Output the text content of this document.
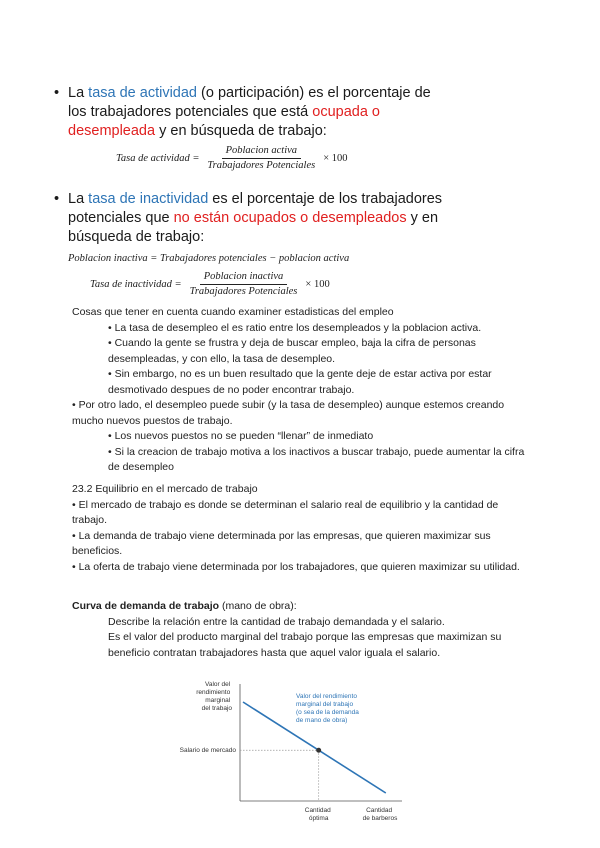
• La tasa de actividad (o participación) es el porcentaje de
los trabajadores potenciales que está ocupada o
desempleada y en búsqueda de trabajo:
Tasa de actividad = $\frac{\text{Poblacion activa}}{\text{Trabajadores Potenciales}} \times 100$
• La tasa de inactividad es el porcentaje de los trabajadores
potenciales que no están ocupados o desempleados y en
búsqueda de trabajo:
Poblacion inactiva = Trabajadores potenciales − poblacion activa
Tasa de inactividad = $\frac{\text{Poblacion inactiva}}{\text{Trabajadores Potenciales}} \times 100$

Cosas que tener en cuenta cuando examiner estadisticas del empleo

• La tasa de desempleo el es ratio entre los desempleados y la poblacion activa.

• Cuando la gente se frustra y deja de buscar empleo, baja la cifra de personas desempleadas, y con ello, la tasa de desempleo.

• Sin embargo, no es un buen resultado que la gente deje de estar activa por estar desmotivado despues de no poder encontrar trabajo.

• Por otro lado, el desempleo puede subir (y la tasa de desempleo) aunque estemos creando mucho nuevos puestos de trabajo.

• Los nuevos puestos no se pueden “llenar” de inmediato

• Si la creacion de trabajo motiva a los inactivos a buscar trabajo, puede aumentar la cifra de desempleo

23.2 Equilibrio en el mercado de trabajo

• El mercado de trabajo es donde se determinan el salario real de equilibrio y la cantidad de trabajo.

• La demanda de trabajo viene determinada por las empresas, que quieren maximizar sus beneficios.

• La oferta de trabajo viene determinada por los trabajadores, que quieren maximizar su utilidad.

Curva de demanda de trabajo (mano de obra):

Describe la relación entre la cantidad de trabajo demandada y el salario.

Es el valor del producto marginal del trabajo porque las empresas que maximizan su beneficio contratan trabajadores hasta que aquel valor iguala el salario.

Valor del rendimiento marginal del trabajo
Salario de mercado
Valor del rendimiento marginal del trabajo (o sea de la demanda de mano de obra)
Cantidad óptima
Cantidad de barberos
